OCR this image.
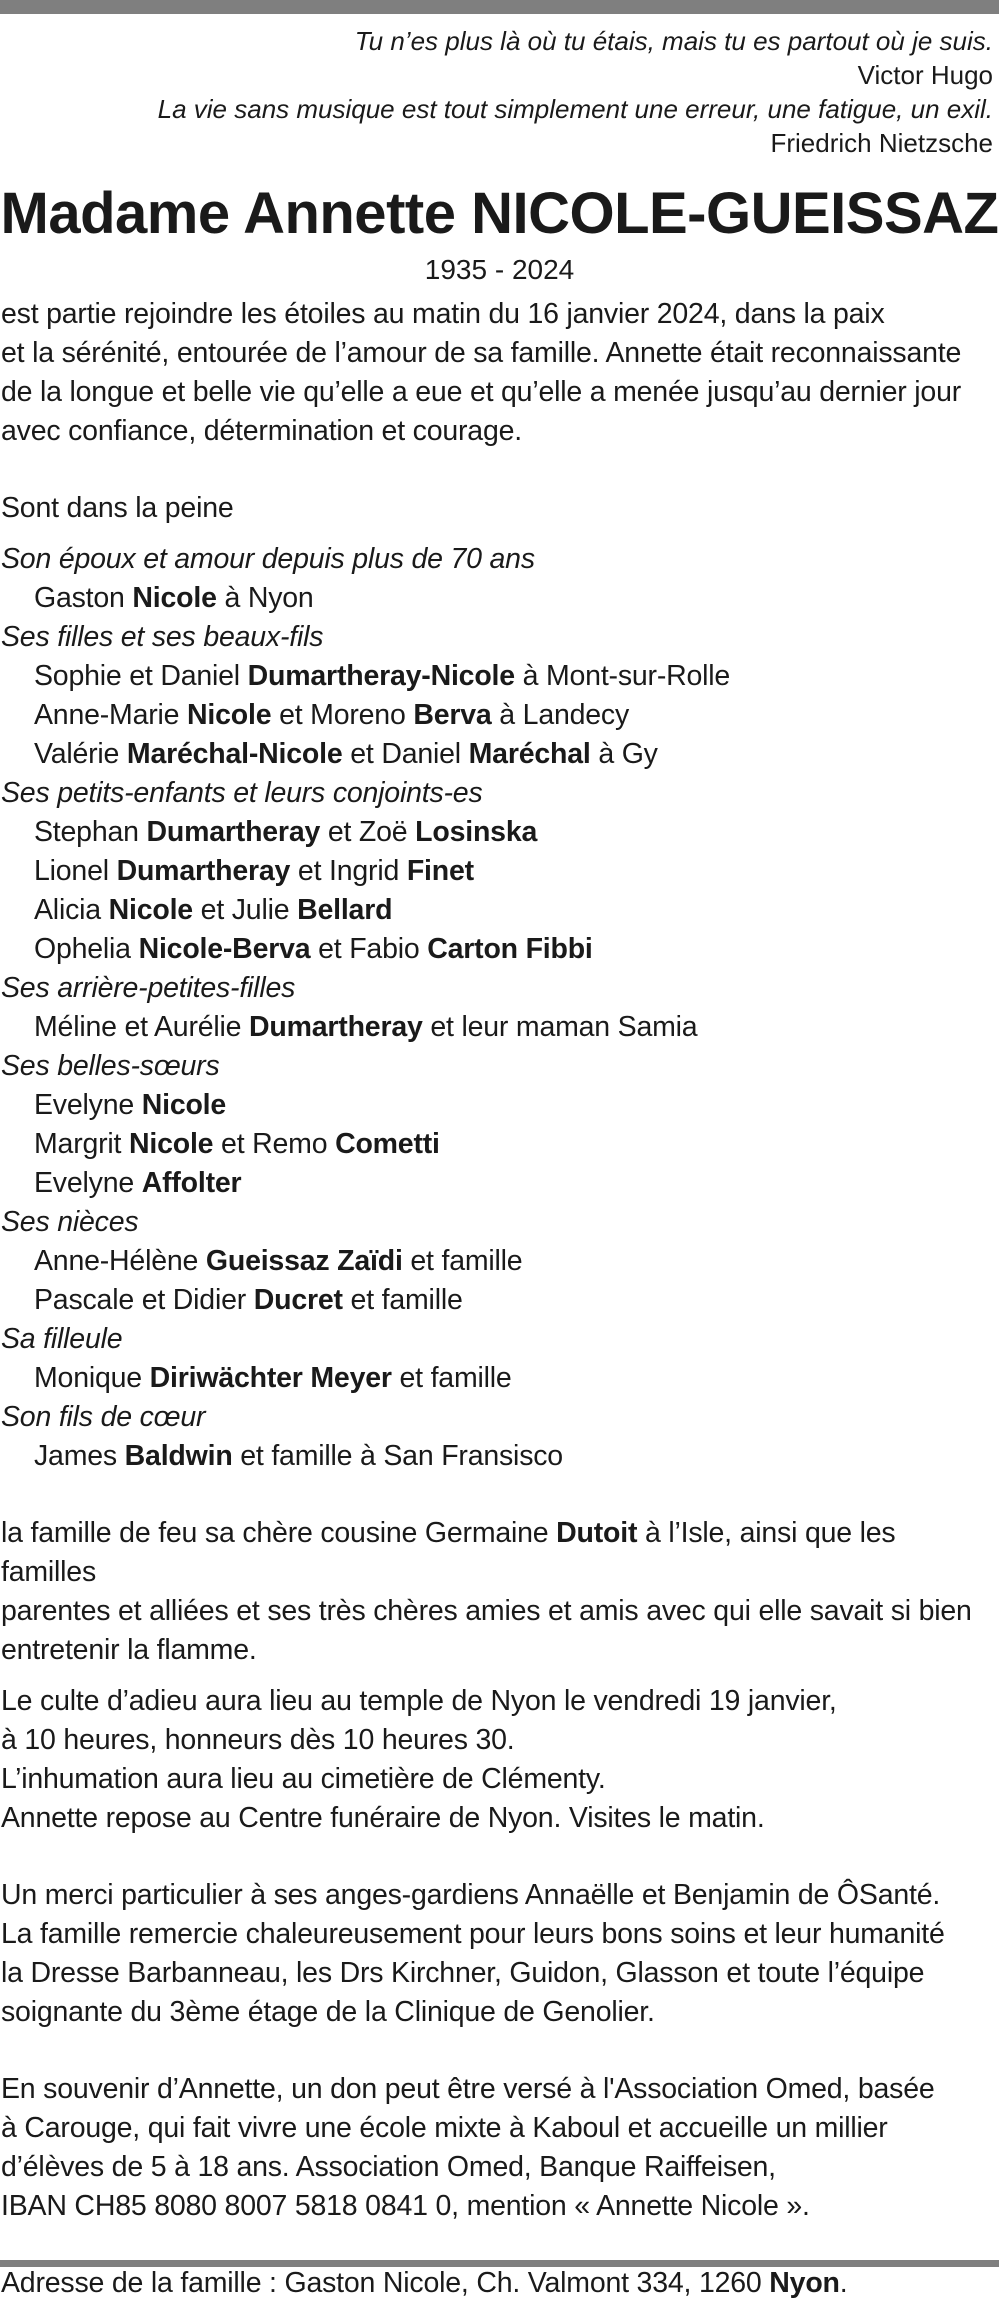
Tu n’es plus là où tu étais, mais tu es partout où je suis.
Victor Hugo
La vie sans musique est tout simplement une erreur, une fatigue, un exil.
Friedrich Nietzsche
Madame Annette NICOLE-GUEISSAZ
1935 - 2024

est partie rejoindre les étoiles au matin du 16 janvier 2024, dans la paix

et la sérénité, entourée de l’amour de sa famille. Annette était reconnaissante

de la longue et belle vie qu’elle a eue et qu’elle a menée jusqu’au dernier jour

avec confiance, détermination et courage.

Sont dans la peine

Son époux et amour depuis plus de 70 ans

Gaston Nicole à Nyon

Ses filles et ses beaux-fils

Sophie et Daniel Dumartheray-Nicole à Mont-sur-Rolle

Anne-Marie Nicole et Moreno Berva à Landecy

Valérie Maréchal-Nicole et Daniel Maréchal à Gy

Ses petits-enfants et leurs conjoints-es

Stephan Dumartheray et Zoë Losinska

Lionel Dumartheray et Ingrid Finet

Alicia Nicole et Julie Bellard

Ophelia Nicole-Berva et Fabio Carton Fibbi

Ses arrière-petites-filles

Méline et Aurélie Dumartheray et leur maman Samia

Ses belles-sœurs

Evelyne Nicole

Margrit Nicole et Remo Cometti

Evelyne Affolter

Ses nièces

Anne-Hélène Gueissaz Zaïdi et famille

Pascale et Didier Ducret et famille

Sa filleule

Monique Diriwächter Meyer et famille

Son fils de cœur

James Baldwin et famille à San Fransisco

la famille de feu sa chère cousine Germaine Dutoit à l’Isle, ainsi que les familles

parentes et alliées et ses très chères amies et amis avec qui elle savait si bien

entretenir la flamme.

Le culte d’adieu aura lieu au temple de Nyon le vendredi 19 janvier,

à 10 heures, honneurs dès 10 heures 30.

L’inhumation aura lieu au cimetière de Clémenty.

Annette repose au Centre funéraire de Nyon. Visites le matin.

Un merci particulier à ses anges-gardiens Annaëlle et Benjamin de ÔSanté.

La famille remercie chaleureusement pour leurs bons soins et leur humanité

la Dresse Barbanneau, les Drs Kirchner, Guidon, Glasson et toute l’équipe

soignante du 3ème étage de la Clinique de Genolier.

En souvenir d’Annette, un don peut être versé à l'Association Omed, basée

à Carouge, qui fait vivre une école mixte à Kaboul et accueille un millier

d’élèves de 5 à 18 ans. Association Omed, Banque Raiffeisen,

IBAN CH85 8080 8007 5818 0841 0, mention « Annette Nicole ».

Adresse de la famille : Gaston Nicole, Ch. Valmont 334, 1260 Nyon.
